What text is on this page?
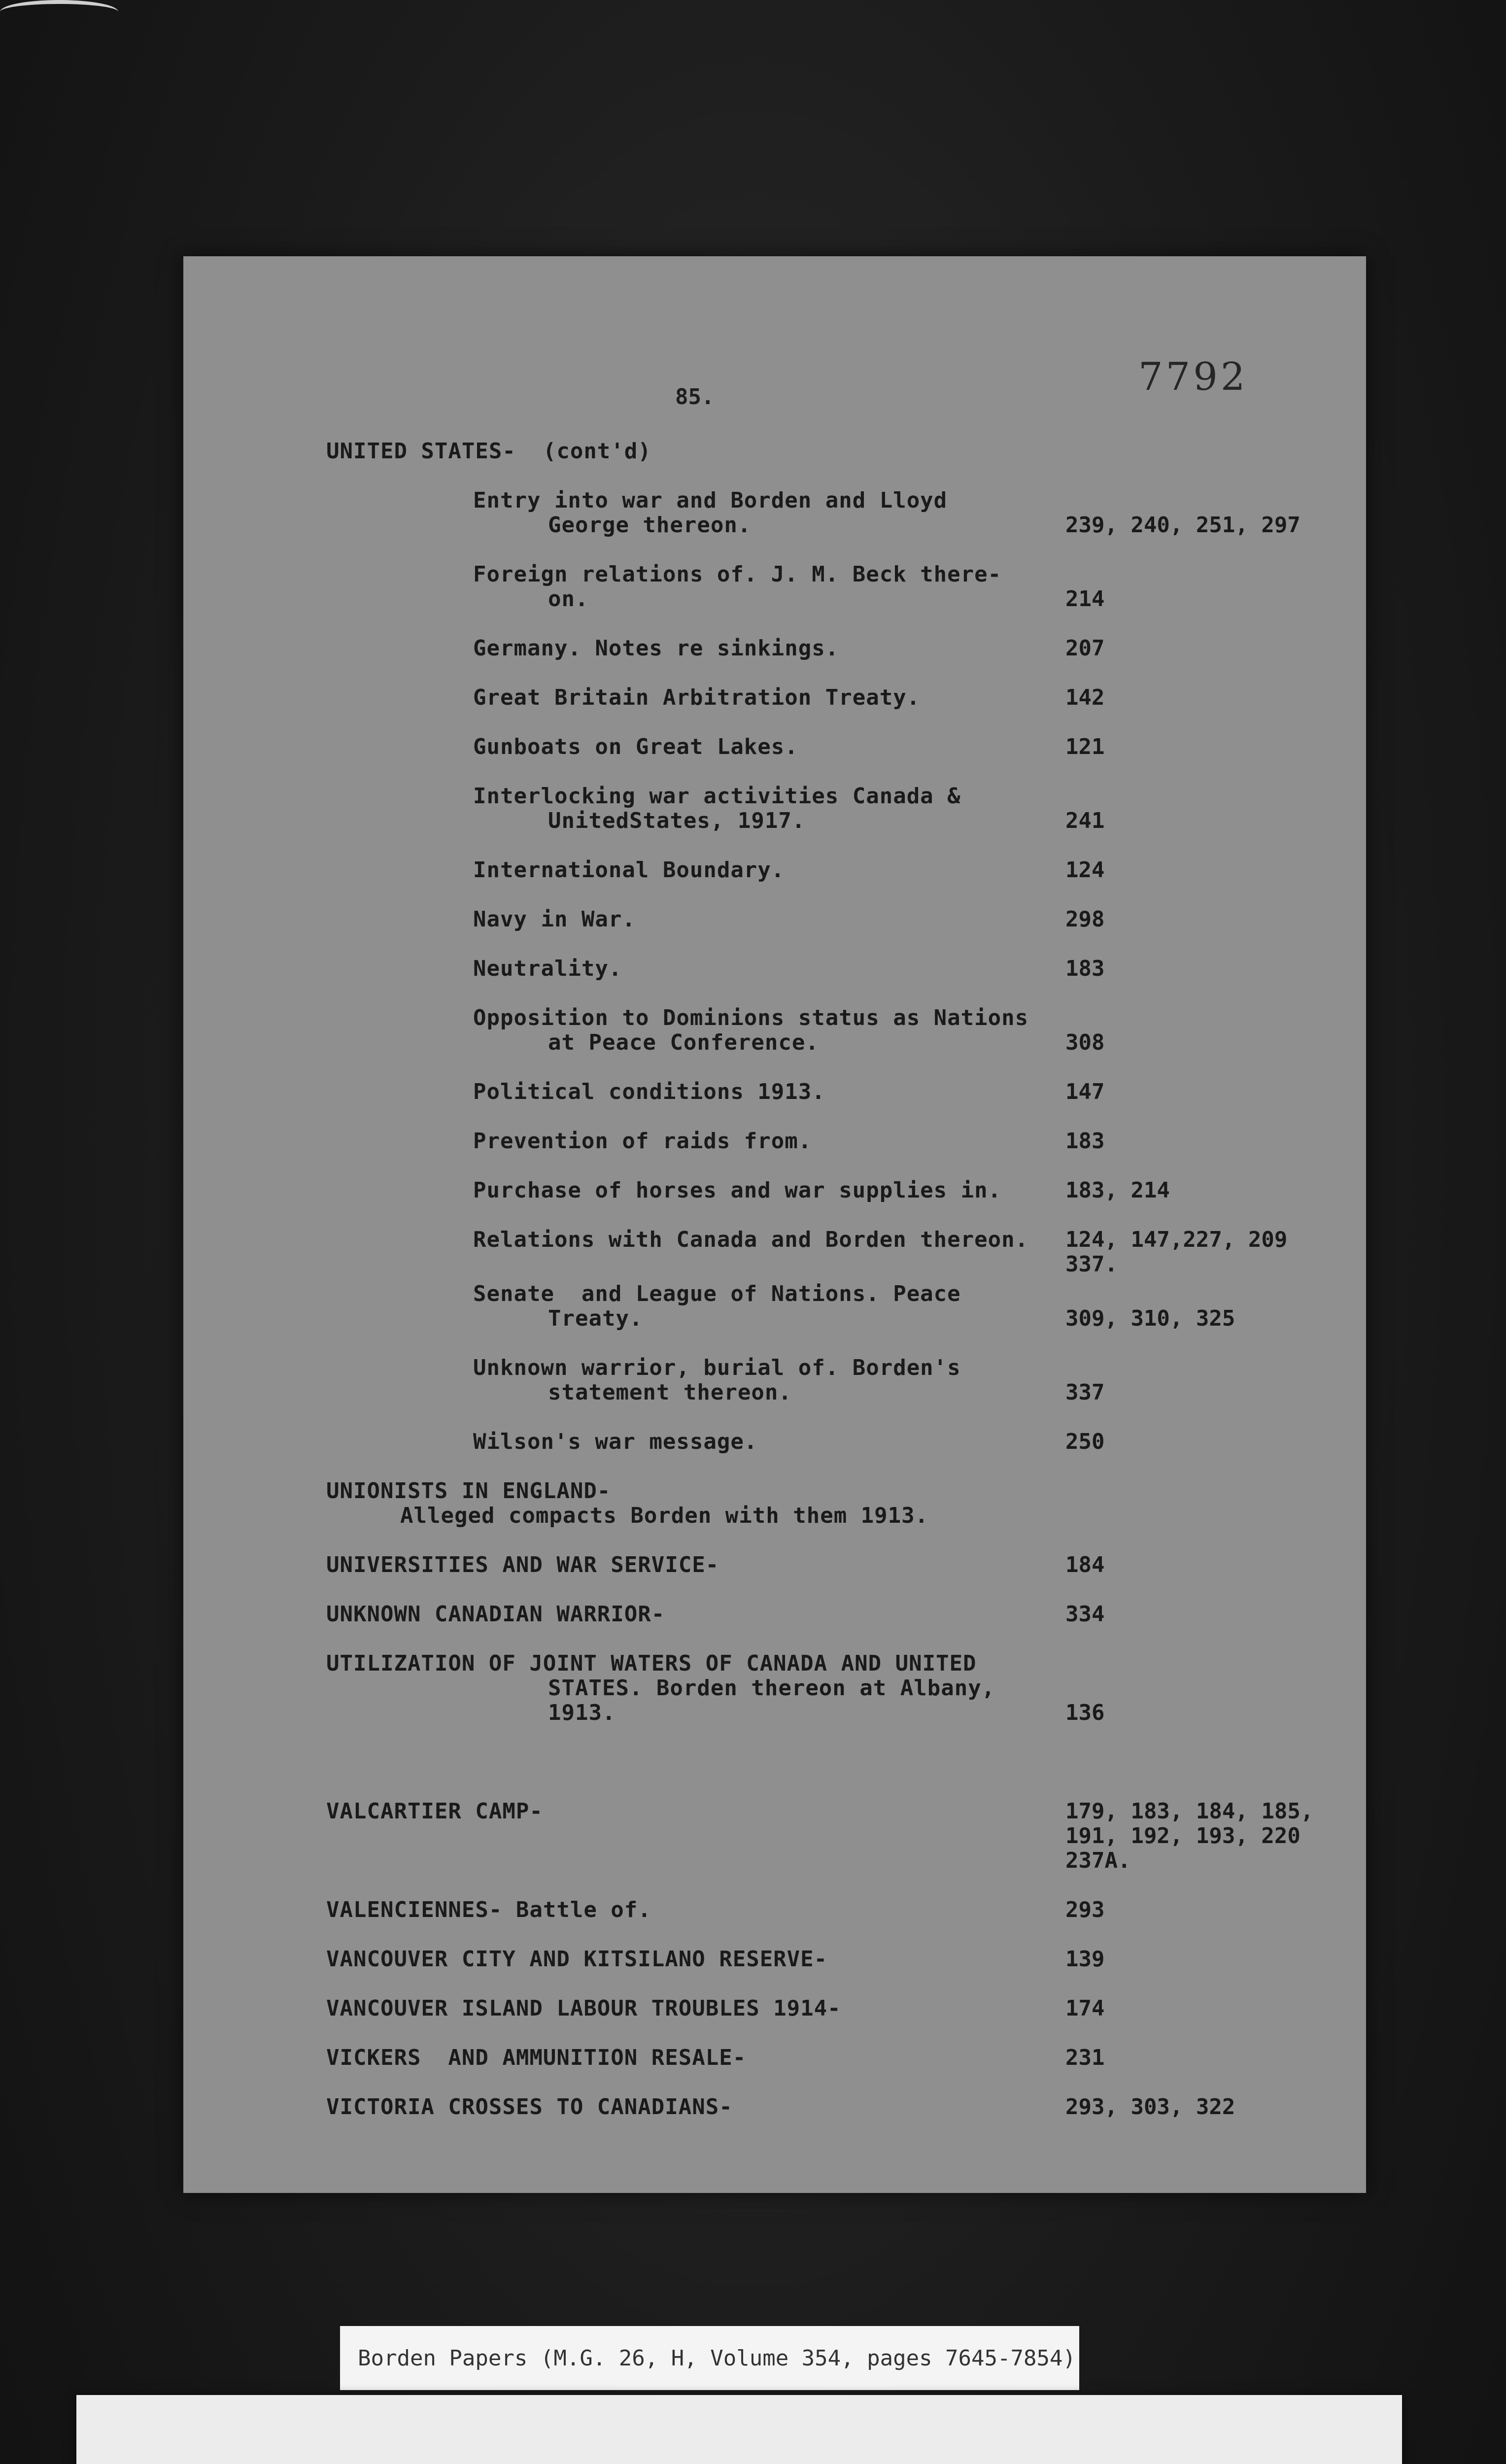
7792
85.
UNITED STATES-  (cont'd)
Entry into war and Borden and Lloyd
George thereon.	239, 240, 251, 297
Foreign relations of. J. M. Beck there-
on.	214
Germany. Notes re sinkings.	207
Great Britain Arbitration Treaty.	142
Gunboats on Great Lakes.	121
Interlocking war activities Canada &
UnitedStates, 1917.	241
International Boundary.	124
Navy in War.	298
Neutrality.	183
Opposition to Dominions status as Nations
at Peace Conference.	308
Political conditions 1913.	147
Prevention of raids from.	183
Purchase of horses and war supplies in.	183, 214
Relations with Canada and Borden thereon. 124, 147,227, 209
337.
Senate  and League of Nations. Peace
Treaty.	309, 310, 325
Unknown warrior, burial of. Borden's
statement thereon.	337
Wilson's war message.	250
UNIONISTS IN ENGLAND-
Alleged compacts Borden with them 1913.
UNIVERSITIES AND WAR SERVICE-	184
UNKNOWN CANADIAN WARRIOR-	334
UTILIZATION OF JOINT WATERS OF CANADA AND UNITED
STATES. Borden thereon at Albany,
1913.	136
VALCARTIER CAMP-	179, 183, 184, 185,
191, 192, 193, 220
237A.
VALENCIENNES- Battle of.	293
VANCOUVER CITY AND KITSILANO RESERVE-	139
VANCOUVER ISLAND LABOUR TROUBLES 1914-	174
VICKERS  AND AMMUNITION RESALE-	231
VICTORIA CROSSES TO CANADIANS-	293, 303, 322
Borden Papers (M.G. 26, H, Volume 354, pages 7645-7854)
